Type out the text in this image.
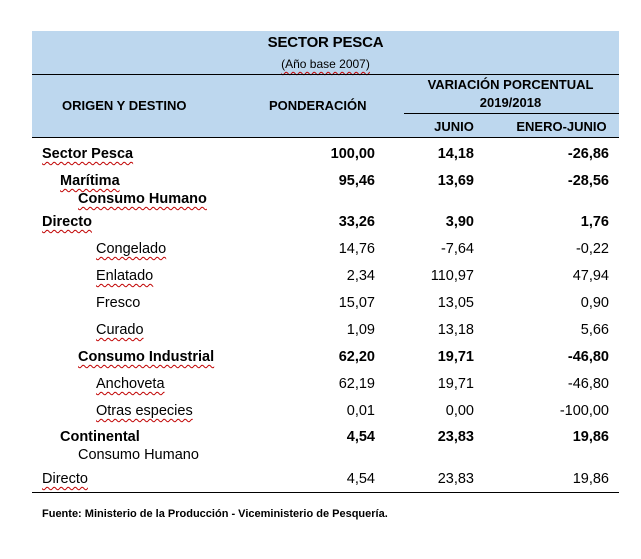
SECTOR PESCA
(Año base 2007)
ORIGEN Y DESTINO	PONDERACIÓN
VARIACIÓN PORCENTUAL
2019/2018
JUNIO	ENERO-JUNIO
Sector Pesca	100,00	14,18	-26,86
Marítima	95,46	13,69	-28,56
Consumo Humano
Directo	33,26	3,90	1,76
Congelado	14,76	-7,64	-0,22
Enlatado	2,34	110,97	47,94
Fresco	15,07	13,05	0,90
Curado	1,09	13,18	5,66
Consumo Industrial	62,20	19,71	-46,80
Anchoveta	62,19	19,71	-46,80
Otras especies	0,01	0,00	-100,00
Continental	4,54	23,83	19,86
Consumo Humano
Directo	4,54	23,83	19,86
Fuente: Ministerio de la Producción - Viceministerio de Pesquería.
